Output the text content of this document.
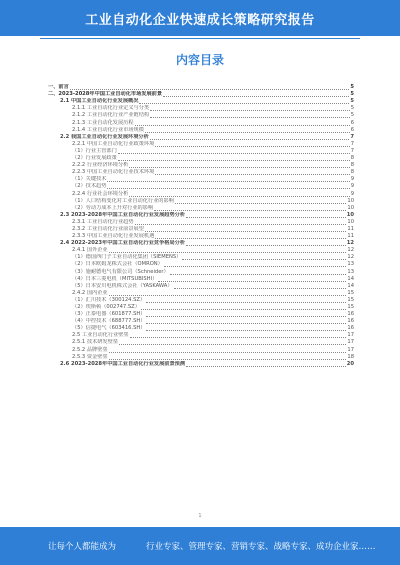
工业自动化企业快速成长策略研究报告
内容目录
一、前言	5
二、2023-2028年中国工业自动化市场发展前景	5
2.1 中国工业自动化行业发展概况	5
2.1.1 工业自动化行业定义与分类	5
2.1.2 工业自动化行业产业链结构	5
2.1.3 工业自动化发展历程	6
2.1.4 工业自动化行业市场规模	6
2.2 我国工业自动化行业发展环境分析	7
2.2.1 中国工业自动化行业政策环境	7
（1）行业主管部门	7
（2）行业发展政策	8
2.2.2 行业经济环境分析	8
2.2.3 中国工业自动化行业技术环境	8
（1）关键技术	9
（2）技术趋势	9
2.2.4 行业社会环境分析	9
（1）人口结构变化对工业自动化行业的影响	10
（2）劳动力成本上升对行业的影响	10
2.3 2023-2028年中国工业自动化行业发展趋势分析	10
2.3.1 工业自动化行业趋势	10
2.3.2 工业自动化行业前景展望	11
2.3.3 中国工业自动化行业发展机遇	11
2.4 2022-2023年中国工业自动化行业竞争格局分析	12
2.4.1 国外企业	12
（1）德国西门子工业自动化集团（SIEMENS）	12
（2）日本欧姆龙株式会社（OMRON）	13
（3）施耐德电气有限公司（Schneider）	13
（4）日本三菱电机（MITSUBISHI）	14
（5）日本安川电机株式会社（YASKAWA）	14
2.4.2 国内企业	15
（1）汇川技术（300124.SZ）	15
（2）埃斯顿（002747.SZ）	15
（3）正泰电器（601877.SH）	16
（4）中控技术（688777.SH）	16
（5）信捷电气（603416.SH）	16
2.5 工业自动化行业壁垒	17
2.5.1 技术研发壁垒	17
2.5.2 品牌壁垒	17
2.5.3 资金壁垒	18
2.6 2023-2028年中国工业自动化行业发展前景预测	20
1
让每个人都能成为	行业专家、管理专家、营销专家、战略专家、成功企业家……
